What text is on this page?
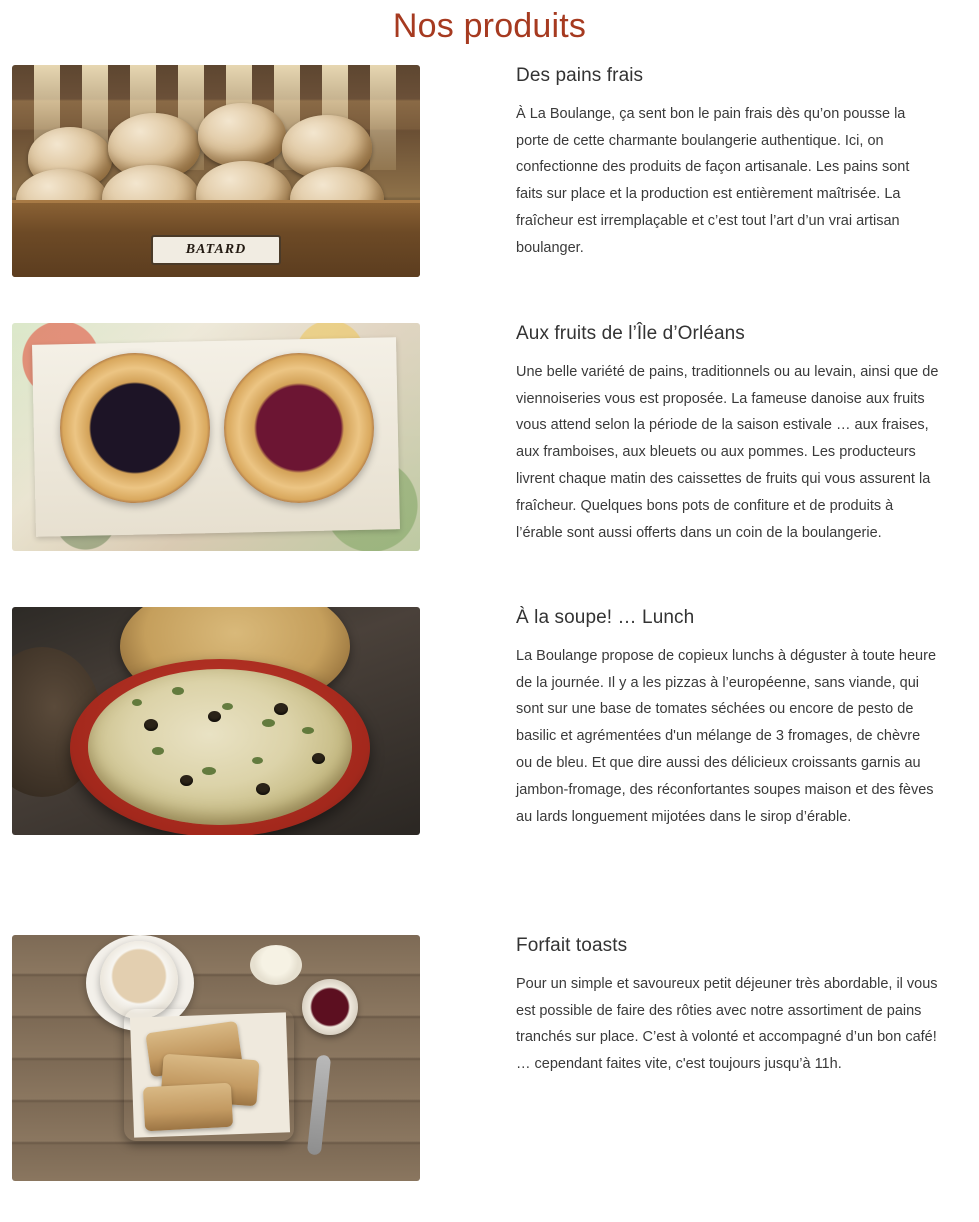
Nos produits
BATARD
Des pains frais

À La Boulange, ça sent bon le pain frais dès qu’on pousse la porte de cette charmante boulangerie authentique. Ici, on confectionne des produits de façon artisanale. Les pains sont faits sur place et la production est entièrement maîtrisée. La fraîcheur est irremplaçable et c’est tout l’art d’un vrai artisan boulanger.

Aux fruits de l’Île d’Orléans

Une belle variété de pains, traditionnels ou au levain, ainsi que de viennoiseries vous est proposée. La fameuse danoise aux fruits vous attend selon la période de la saison estivale … aux fraises, aux framboises, aux bleuets ou aux pommes. Les producteurs livrent chaque matin des caissettes de fruits qui vous assurent la fraîcheur. Quelques bons pots de confiture et de produits à l’érable sont aussi offerts dans un coin de la boulangerie.

À la soupe! … Lunch

La Boulange propose de copieux lunchs à déguster à toute heure de la journée. Il y a les pizzas à l’européenne, sans viande, qui sont sur une base de tomates séchées ou encore de pesto de basilic et agrémentées d'un mélange de 3 fromages, de chèvre ou de bleu. Et que dire aussi des délicieux croissants garnis au jambon-fromage, des réconfortantes soupes maison et des fèves au lards longuement mijotées dans le sirop d’érable.

Forfait toasts

Pour un simple et savoureux petit déjeuner très abordable, il vous est possible de faire des rôties avec notre assortiment de pains tranchés sur place. C’est à volonté et accompagné d’un bon café! … cependant faites vite, c'est toujours jusqu’à 11h.
